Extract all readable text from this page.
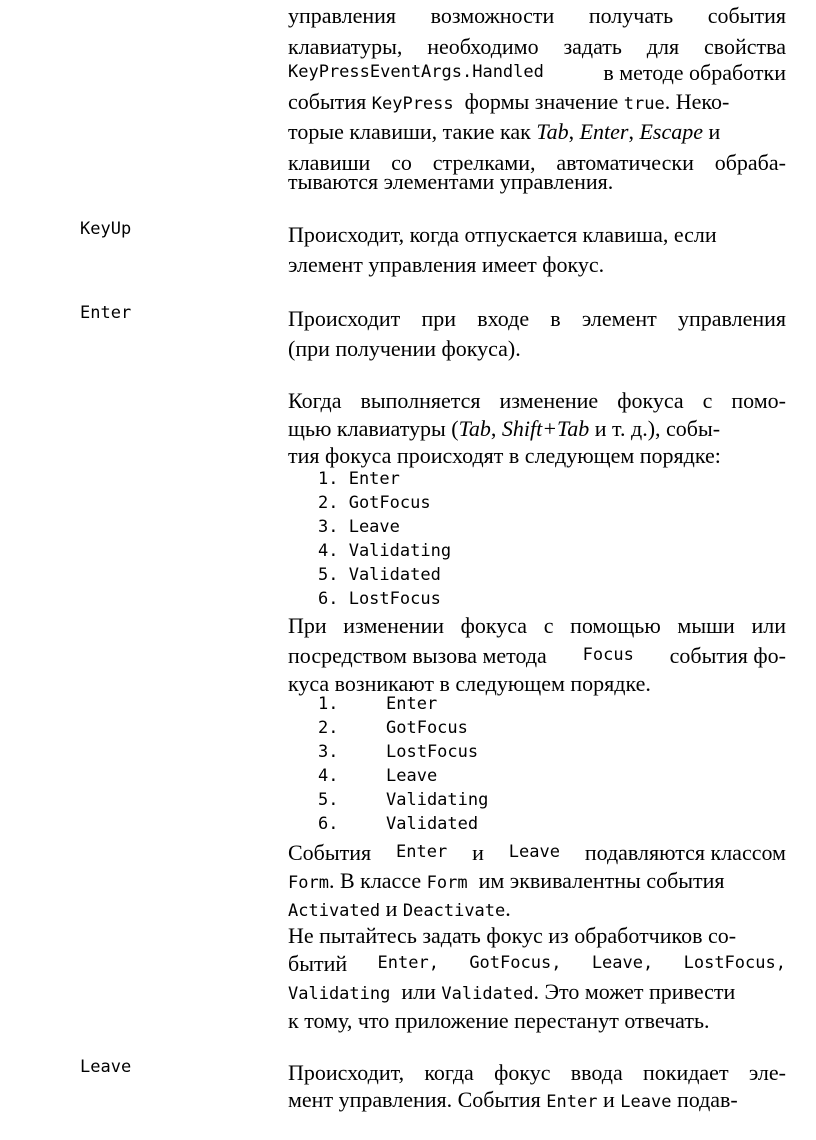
управления возможности получать события
клавиатуры, необходимо задать для свойства
KeyPressEventArgs.Handled	в методе обработки
события KeyPress формы значение true. Неко-
торые клавиши, такие как Tab, Enter, Escape и
клавиши со стрелками, автоматически обраба-
тываются элементами управления.
KeyUp	Происходит, когда отпускается клавиша, если
элемент управления имеет фокус.
Enter	Происходит при входе в элемент управления
(при получении фокуса).
Когда выполняется изменение фокуса с помо-
щью клавиатуры (Tab, Shift+Tab и т. д.), собы-
тия фокуса происходят в следующем порядке:
1. Enter
2. GotFocus
3. Leave
4. Validating
5. Validated
6. LostFocus
При изменении фокуса с помощью мыши или
посредством вызова метода Focus события фо-
куса возникают в следующем порядке.
1.	Enter
2.	GotFocus
3.	LostFocus
4.	Leave
5.	Validating
6.	Validated
События Enter и Leave подавляются классом
Form. В классе Form им эквивалентны события
Activated и Deactivate.
Не пытайтесь задать фокус из обработчиков со-
бытий Enter, GotFocus, Leave, LostFocus,
Validating или Validated. Это может привести
к тому, что приложение перестанут отвечать.
Leave	Происходит, когда фокус ввода покидает эле-
мент управления. События Enter и Leave подав-
